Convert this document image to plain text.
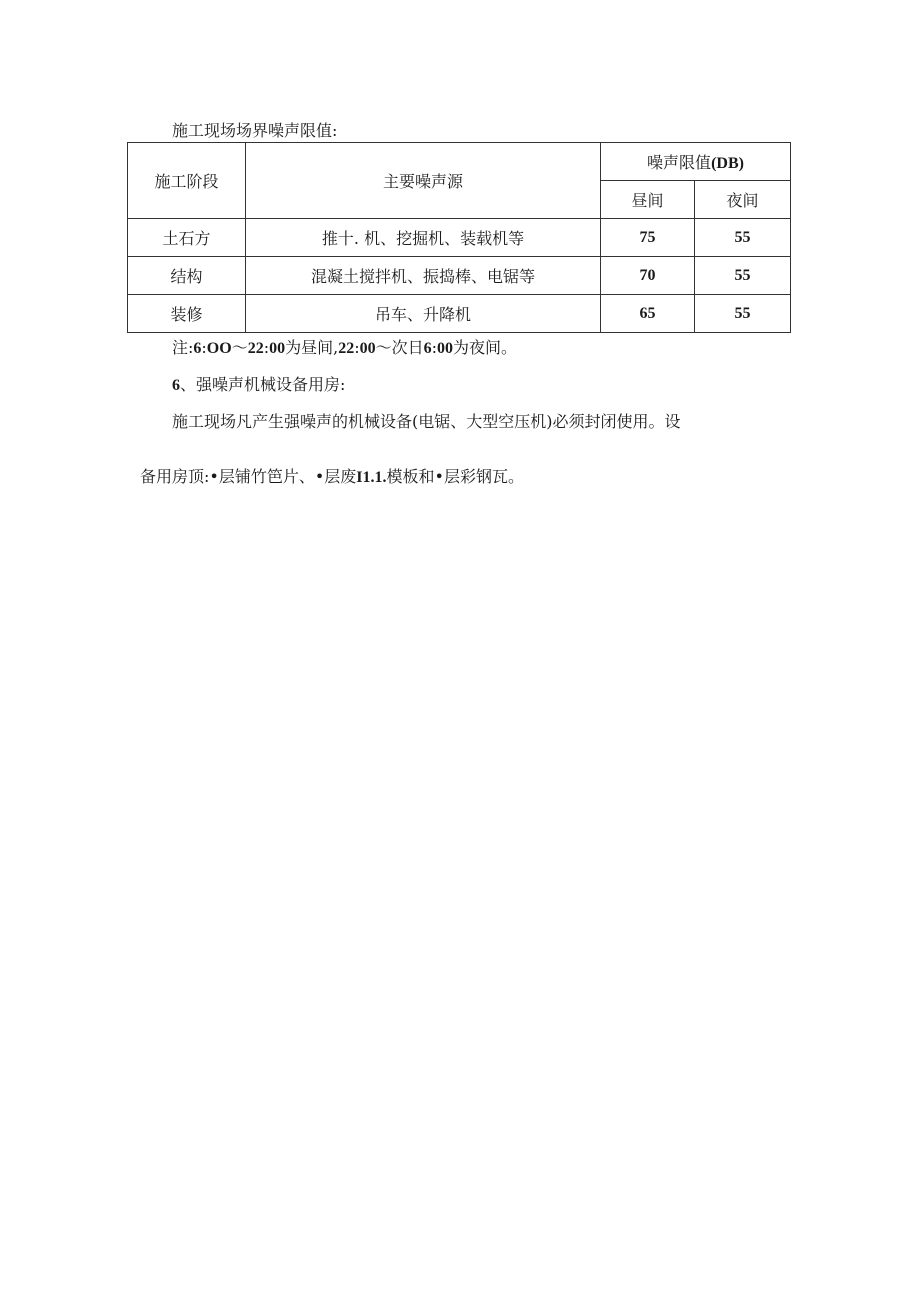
施工现场场界噪声限值:
施工阶段	主要噪声源	噪声限值(DB)	
		昼间	夜间
土石方	推十. 机、挖掘机、装载机等	75	55
结构	混凝土搅拌机、振捣棒、电锯等	70	55
装修	吊车、升降机	65	55
注:6:OO～22:00为昼间,22:00～次日6:00为夜间。
6、强噪声机械设备用房:
施工现场凡产生强噪声的机械设备(电锯、大型空压机)必须封闭使用。设
备用房顶:•层铺竹笆片、•层废I1.1.模板和•层彩钢瓦。
